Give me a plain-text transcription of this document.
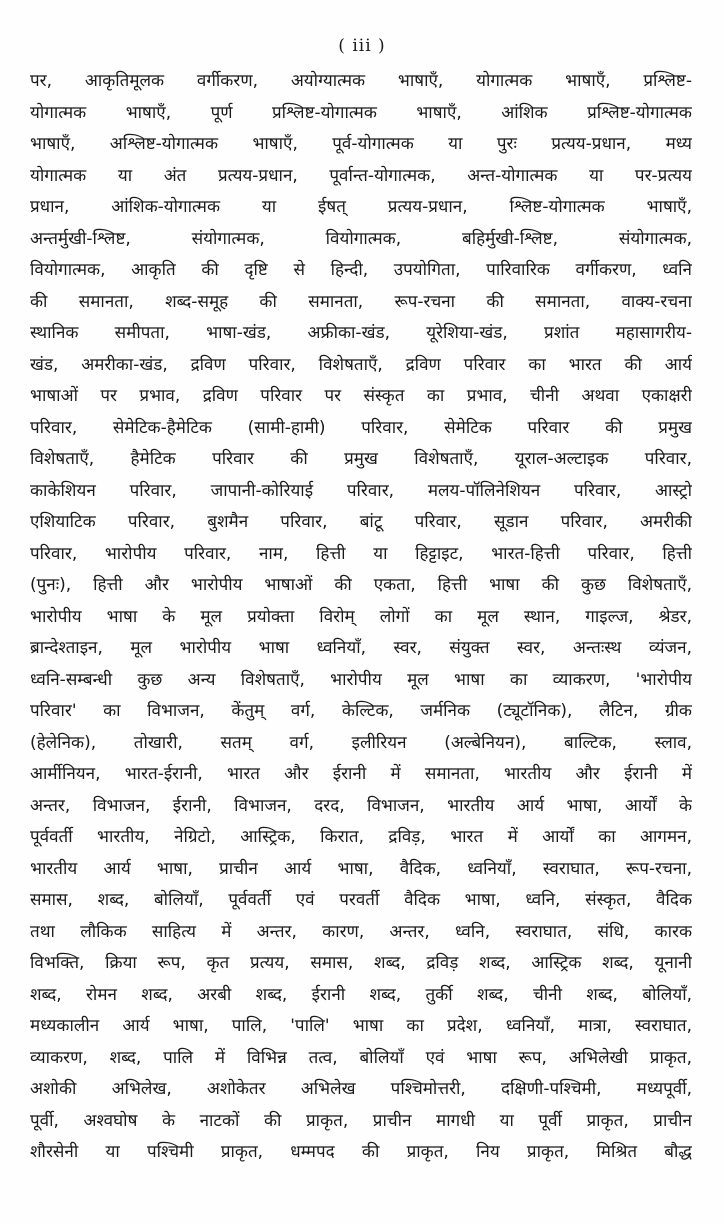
( iii )
पर, आकृतिमूलक वर्गीकरण, अयोग्यात्मक भाषाएँ, योगात्मक भाषाएँ, प्रश्लिष्ट-
योगात्मक भाषाएँ, पूर्ण प्रश्लिष्ट-योगात्मक भाषाएँ, आंशिक प्रश्लिष्ट-योगात्मक
भाषाएँ, अश्लिष्ट-योगात्मक भाषाएँ, पूर्व-योगात्मक या पुरः प्रत्यय-प्रधान, मध्य
योगात्मक या अंत प्रत्यय-प्रधान, पूर्वान्त-योगात्मक, अन्त-योगात्मक या पर-प्रत्यय
प्रधान, आंशिक-योगात्मक या ईषत् प्रत्यय-प्रधान, श्लिष्ट-योगात्मक भाषाएँ,
अन्तर्मुखी-श्लिष्ट, संयोगात्मक, वियोगात्मक, बहिर्मुखी-श्लिष्ट, संयोगात्मक,
वियोगात्मक, आकृति की दृष्टि से हिन्दी, उपयोगिता, पारिवारिक वर्गीकरण, ध्वनि
की समानता, शब्द-समूह की समानता, रूप-रचना की समानता, वाक्य-रचना
स्थानिक समीपता, भाषा-खंड, अफ्रीका-खंड, यूरेशिया-खंड, प्रशांत महासागरीय-
खंड, अमरीका-खंड, द्रविण परिवार, विशेषताएँ, द्रविण परिवार का भारत की आर्य
भाषाओं पर प्रभाव, द्रविण परिवार पर संस्कृत का प्रभाव, चीनी अथवा एकाक्षरी
परिवार, सेमेटिक-हैमेटिक (सामी-हामी) परिवार, सेमेटिक परिवार की प्रमुख
विशेषताएँ, हैमेटिक परिवार की प्रमुख विशेषताएँ, यूराल-अल्टाइक परिवार,
काकेशियन परिवार, जापानी-कोरियाई परिवार, मलय-पॉलिनेशियन परिवार, आस्ट्रो
एशियाटिक परिवार, बुशमैन परिवार, बांटू परिवार, सूडान परिवार, अमरीकी
परिवार, भारोपीय परिवार, नाम, हित्ती या हिट्टाइट, भारत-हित्ती परिवार, हित्ती
(पुनः), हित्ती और भारोपीय भाषाओं की एकता, हित्ती भाषा की कुछ विशेषताएँ,
भारोपीय भाषा के मूल प्रयोक्ता विरोम् लोगों का मूल स्थान, गाइल्ज, श्रेडर,
ब्रान्देश्ताइन, मूल भारोपीय भाषा ध्वनियाँ, स्वर, संयुक्त स्वर, अन्तःस्थ व्यंजन,
ध्वनि-सम्बन्धी कुछ अन्य विशेषताएँ, भारोपीय मूल भाषा का व्याकरण, 'भारोपीय
परिवार' का विभाजन, केंतुम् वर्ग, केल्टिक, जर्मनिक (ट्यूटॉनिक), लैटिन, ग्रीक
(हेलेनिक), तोखारी, सतम् वर्ग, इलीरियन (अल्बेनियन), बाल्टिक, स्लाव,
आर्मीनियन, भारत-ईरानी, भारत और ईरानी में समानता, भारतीय और ईरानी में
अन्तर, विभाजन, ईरानी, विभाजन, दरद, विभाजन, भारतीय आर्य भाषा, आर्यों के
पूर्ववर्ती भारतीय, नेग्रिटो, आस्ट्रिक, किरात, द्रविड़, भारत में आर्यों का आगमन,
भारतीय आर्य भाषा, प्राचीन आर्य भाषा, वैदिक, ध्वनियाँ, स्वराघात, रूप-रचना,
समास, शब्द, बोलियाँ, पूर्ववर्ती एवं परवर्ती वैदिक भाषा, ध्वनि, संस्कृत, वैदिक
तथा लौकिक साहित्य में अन्तर, कारण, अन्तर, ध्वनि, स्वराघात, संधि, कारक
विभक्ति, क्रिया रूप, कृत प्रत्यय, समास, शब्द, द्रविड़ शब्द, आस्ट्रिक शब्द, यूनानी
शब्द, रोमन शब्द, अरबी शब्द, ईरानी शब्द, तुर्की शब्द, चीनी शब्द, बोलियाँ,
मध्यकालीन आर्य भाषा, पालि, 'पालि' भाषा का प्रदेश, ध्वनियाँ, मात्रा, स्वराघात,
व्याकरण, शब्द, पालि में विभिन्न तत्व, बोलियाँ एवं भाषा रूप, अभिलेखी प्राकृत,
अशोकी अभिलेख, अशोकेतर अभिलेख पश्चिमोत्तरी, दक्षिणी-पश्चिमी, मध्यपूर्वी,
पूर्वी, अश्वघोष के नाटकों की प्राकृत, प्राचीन मागधी या पूर्वी प्राकृत, प्राचीन
शौरसेनी या पश्चिमी प्राकृत, धम्मपद की प्राकृत, निय प्राकृत, मिश्रित बौद्ध
